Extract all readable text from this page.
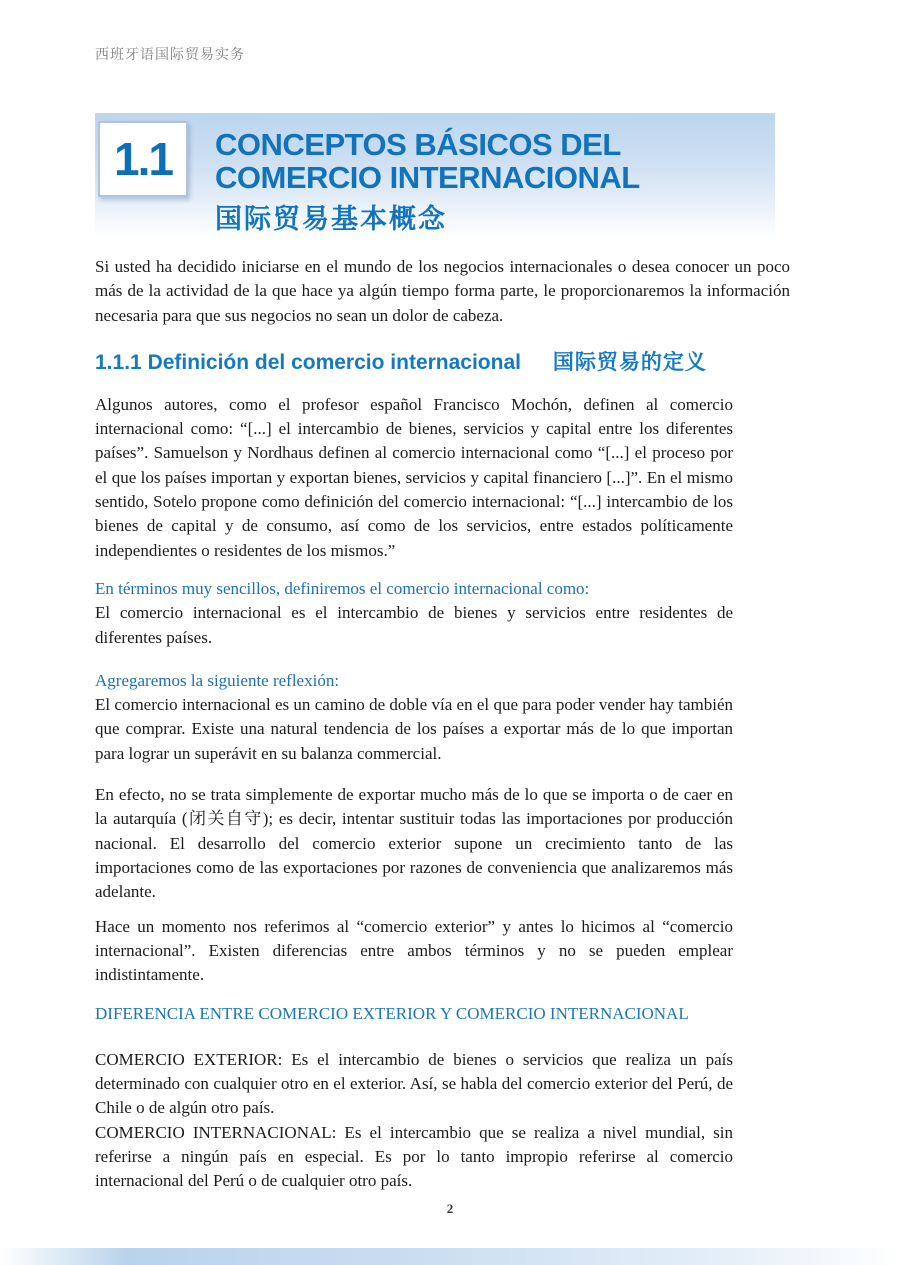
西班牙语国际贸易实务
1.1 CONCEPTOS BÁSICOS DEL
COMERCIO INTERNACIONAL
国际贸易基本概念

Si usted ha decidido iniciarse en el mundo de los negocios internacionales o desea conocer un poco más de la actividad de la que hace ya algún tiempo forma parte, le proporcionaremos la información necesaria para que sus negocios no sean un dolor de cabeza.

1.1.1 Definición del comercio internacional 国际贸易的定义

Algunos autores, como el profesor español Francisco Mochón, definen al comercio internacional como: “[...] el intercambio de bienes, servicios y capital entre los diferentes países”. Samuelson y Nordhaus definen al comercio internacional como “[...] el proceso por el que los países importan y exportan bienes, servicios y capital financiero [...]”. En el mismo sentido, Sotelo propone como definición del comercio internacional: “[...] intercambio de los bienes de capital y de consumo, así como de los servicios, entre estados políticamente independientes o residentes de los mismos.”

En términos muy sencillos, definiremos el comercio internacional como:

El comercio internacional es el intercambio de bienes y servicios entre residentes de diferentes países.

Agregaremos la siguiente reflexión:

El comercio internacional es un camino de doble vía en el que para poder vender hay también que comprar. Existe una natural tendencia de los países a exportar más de lo que importan para lograr un superávit en su balanza commercial.

En efecto, no se trata simplemente de exportar mucho más de lo que se importa o de caer en la autarquía (闭关自守); es decir, intentar sustituir todas las importaciones por producción nacional. El desarrollo del comercio exterior supone un crecimiento tanto de las importaciones como de las exportaciones por razones de conveniencia que analizaremos más adelante.

Hace un momento nos referimos al “comercio exterior” y antes lo hicimos al “comercio internacional”. Existen diferencias entre ambos términos y no se pueden emplear indistintamente.

DIFERENCIA ENTRE COMERCIO EXTERIOR Y COMERCIO INTERNACIONAL

COMERCIO EXTERIOR: Es el intercambio de bienes o servicios que realiza un país determinado con cualquier otro en el exterior. Así, se habla del comercio exterior del Perú, de Chile o de algún otro país.

COMERCIO INTERNACIONAL: Es el intercambio que se realiza a nivel mundial, sin referirse a ningún país en especial. Es por lo tanto impropio referirse al comercio internacional del Perú o de cualquier otro país.

2
